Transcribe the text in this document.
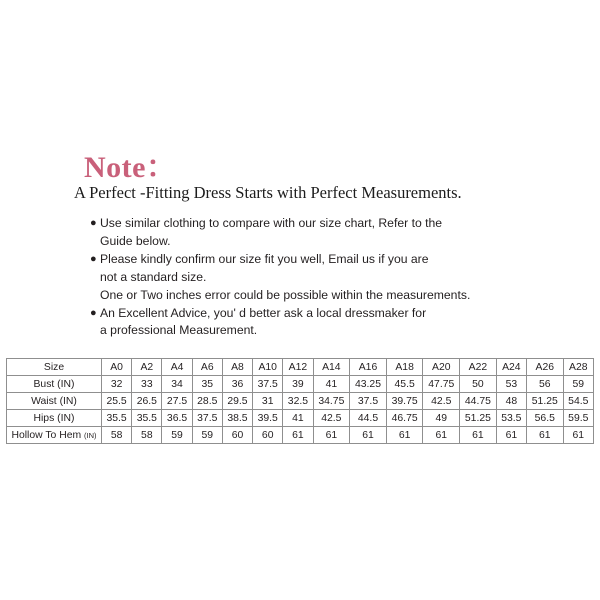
Note：
A Perfect -Fitting Dress Starts with Perfect Measurements.
● Use similar clothing to compare with our size chart, Refer to the
Guide below.
● Please kindly confirm our size fit you well, Email us if you are
not a standard size.
One or Two inches error could be possible within the measurements.
● An Excellent Advice, you' d better ask a local dressmaker for
a professional Measurement.
Size	A0	A2	A4	A6	A8	A10	A12	A14	A16	A18	A20	A22	A24	A26	A28
Bust (IN)	32	33	34	35	36	37.5	39	41	43.25	45.5	47.75	50	53	56	59
Waist (IN)	25.5	26.5	27.5	28.5	29.5	31	32.5	34.75	37.5	39.75	42.5	44.75	48	51.25	54.5
Hips (IN)	35.5	35.5	36.5	37.5	38.5	39.5	41	42.5	44.5	46.75	49	51.25	53.5	56.5	59.5
Hollow To Hem (IN)	58	58	59	59	60	60	61	61	61	61	61	61	61	61	61
